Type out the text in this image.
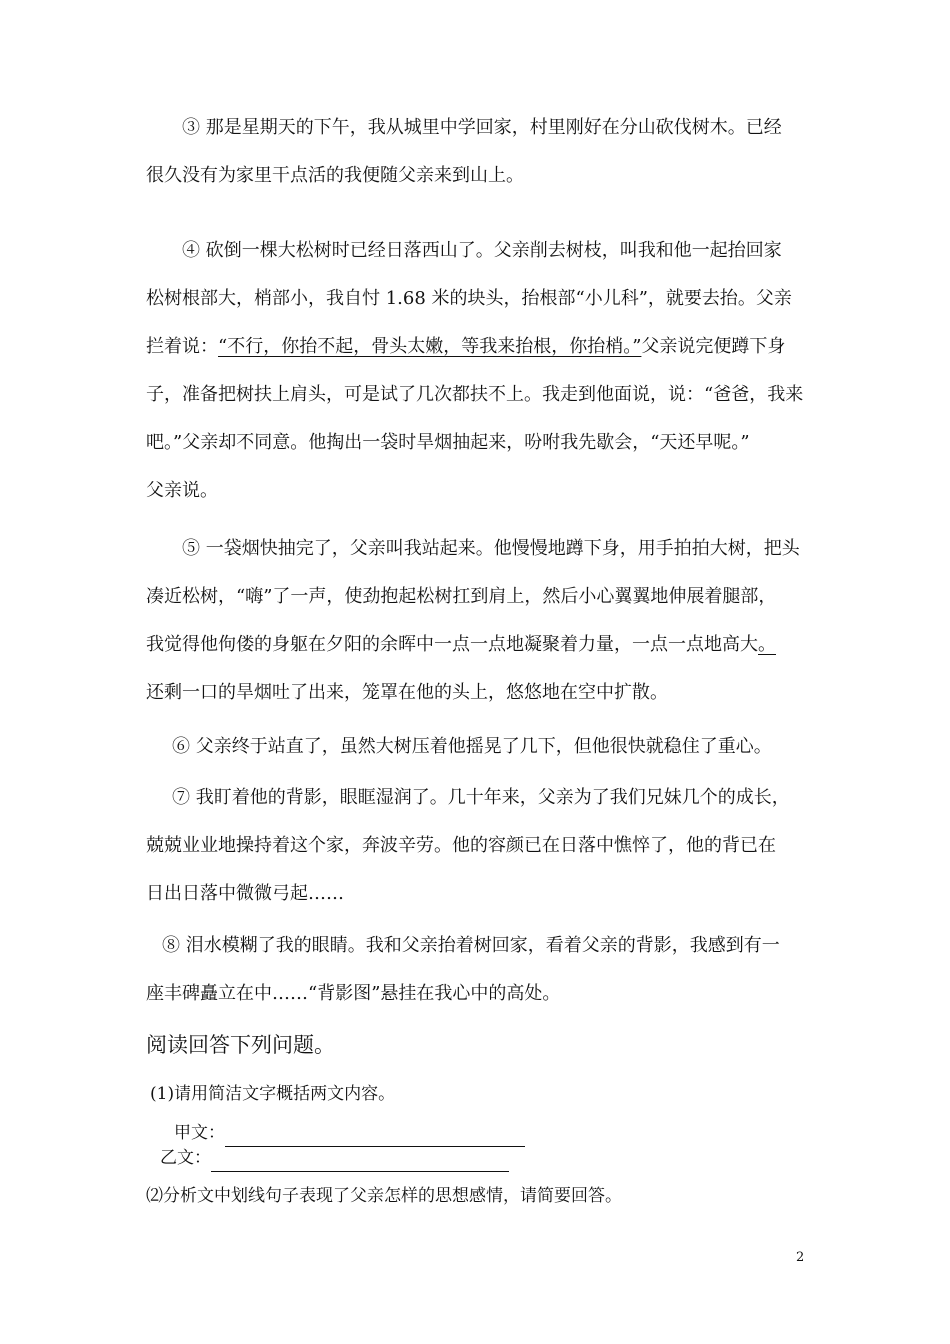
③ 那是星期天的下午，我从城里中学回家，村里刚好在分山砍伐树木。已经
很久没有为家里干点活的我便随父亲来到山上。
④ 砍倒一棵大松树时已经日落西山了。父亲削去树枝，叫我和他一起抬回家
松树根部大，梢部小，我自忖 1.68 米的块头，抬根部“小儿科”，就要去抬。父亲
拦着说：“不行，你抬不起，骨头太嫩，等我来抬根，你抬梢。”父亲说完便蹲下身
子，准备把树扶上肩头，可是试了几次都扶不上。我走到他面说，说：“爸爸，我来
吧。”父亲却不同意。他掏出一袋时旱烟抽起来，吩咐我先歇会，“天还早呢。”
父亲说。
⑤ 一袋烟快抽完了，父亲叫我站起来。他慢慢地蹲下身，用手拍拍大树，把头
凑近松树，“嗨”了一声，使劲抱起松树扛到肩上，然后小心翼翼地伸展着腿部，
我觉得他佝偻的身躯在夕阳的余晖中一点一点地凝聚着力量，一点一点地高大。
还剩一口的旱烟吐了出来，笼罩在他的头上，悠悠地在空中扩散。
⑥ 父亲终于站直了，虽然大树压着他摇晃了几下，但他很快就稳住了重心。
⑦ 我盯着他的背影，眼眶湿润了。几十年来，父亲为了我们兄妹几个的成长，
兢兢业业地操持着这个家，奔波辛劳。他的容颜已在日落中憔悴了，他的背已在
日出日落中微微弓起……
⑧ 泪水模糊了我的眼睛。我和父亲抬着树回家，看着父亲的背影，我感到有一
座丰碑矗立在中……“背影图”悬挂在我心中的高处。
阅读回答下列问题。
(1)请用简洁文字概括两文内容。
甲文：
乙文：
⑵分析文中划线句子表现了父亲怎样的思想感情，请简要回答。
2
